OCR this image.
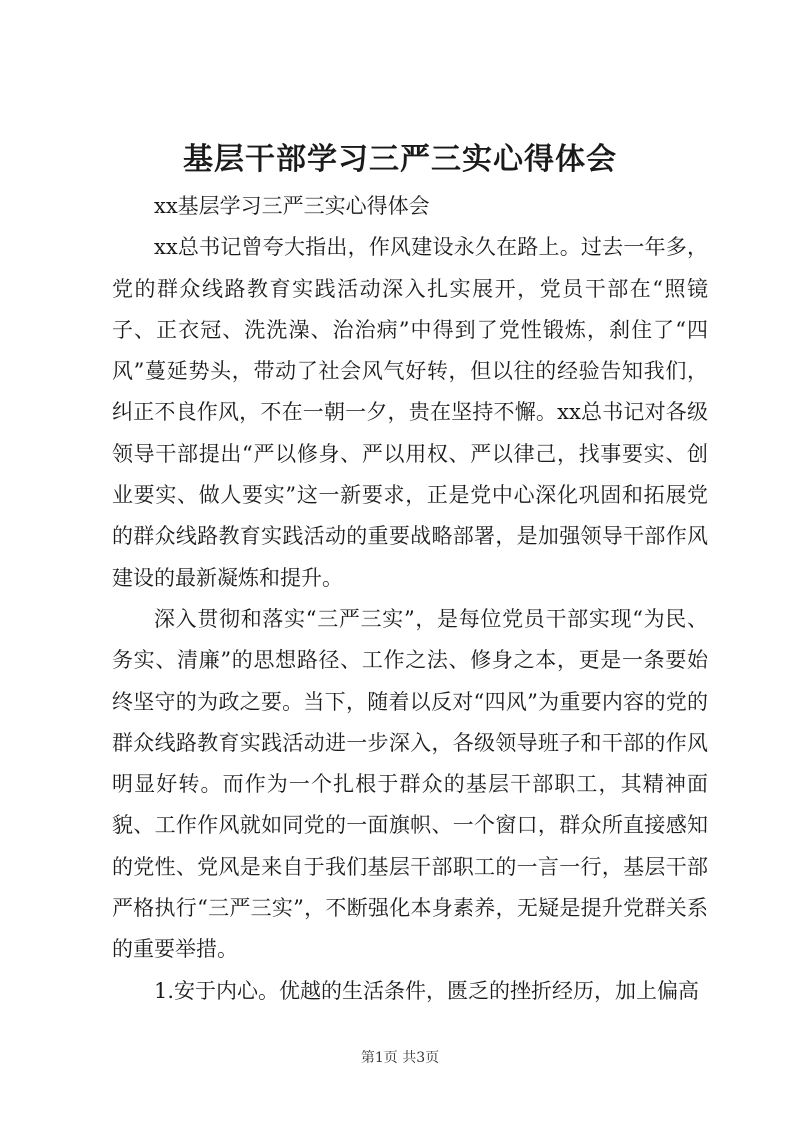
基层干部学习三严三实心得体会

xx基层学习三严三实心得体会

xx总书记曾夸大指出，作风建设永久在路上。过去一年多，党的群众线路教育实践活动深入扎实展开，党员干部在“照镜子、正衣冠、洗洗澡、治治病”中得到了党性锻炼，刹住了“四风”蔓延势头，带动了社会风气好转，但以往的经验告知我们，纠正不良作风，不在一朝一夕，贵在坚持不懈。xx总书记对各级领导干部提出“严以修身、严以用权、严以律己，找事要实、创业要实、做人要实”这一新要求，正是党中心深化巩固和拓展党的群众线路教育实践活动的重要战略部署，是加强领导干部作风建设的最新凝炼和提升。

深入贯彻和落实“三严三实”，是每位党员干部实现“为民、务实、清廉”的思想路径、工作之法、修身之本，更是一条要始终坚守的为政之要。当下，随着以反对“四风”为重要内容的党的群众线路教育实践活动进一步深入，各级领导班子和干部的作风明显好转。而作为一个扎根于群众的基层干部职工，其精神面貌、工作作风就如同党的一面旗帜、一个窗口，群众所直接感知的党性、党风是来自于我们基层干部职工的一言一行，基层干部严格执行“三严三实”，不断强化本身素养，无疑是提升党群关系的重要举措。

1.安于内心。优越的生活条件，匮乏的挫折经历，加上偏高

第1页 共3页
